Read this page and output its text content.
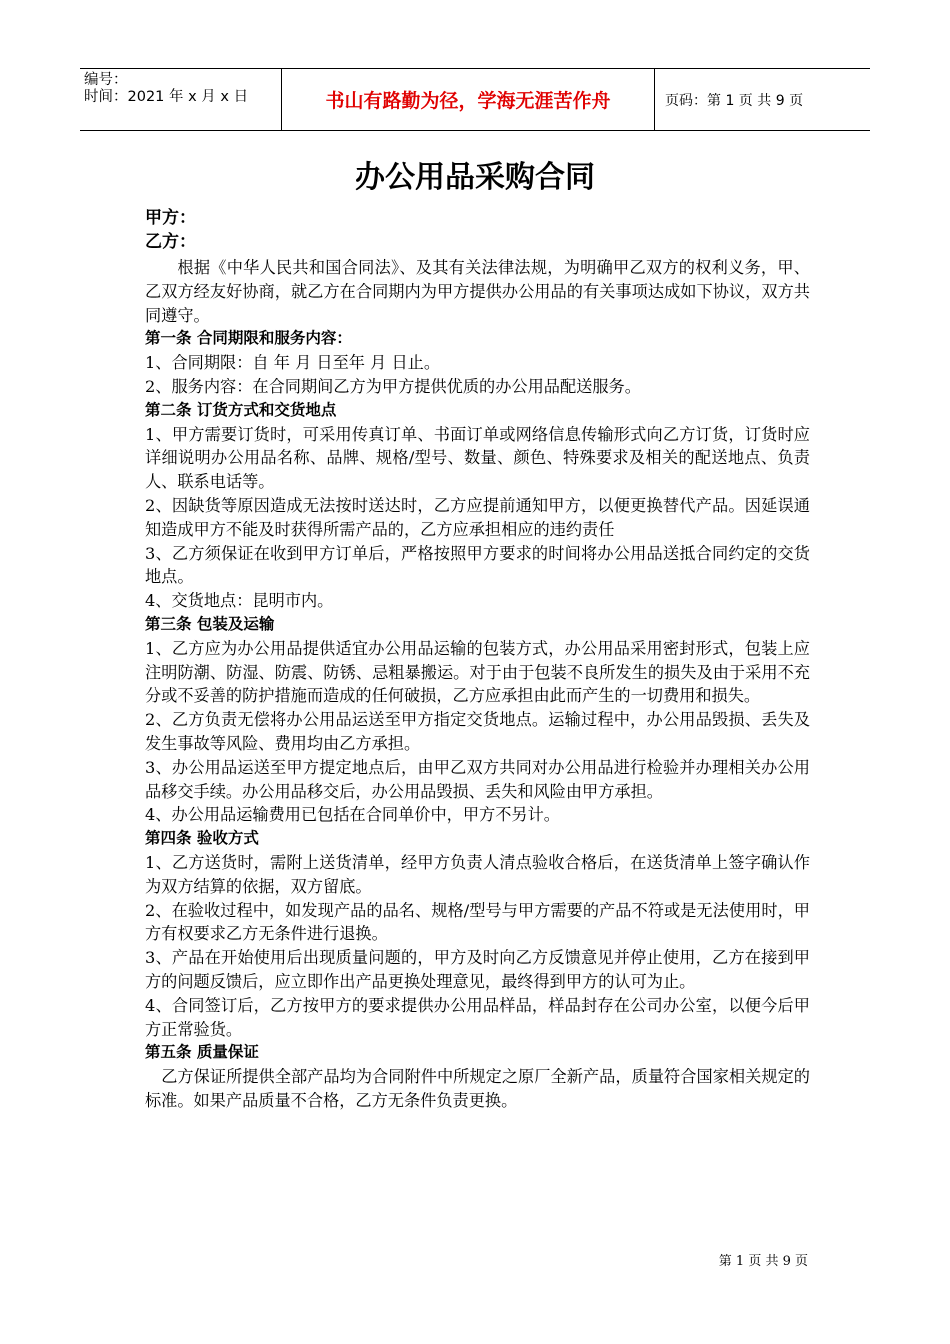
编号：
时间：2021 年 x 月 x 日	书山有路勤为径，学海无涯苦作舟	页码：第 1 页 共 9 页
办公用品采购合同
甲方：
乙方：

根据《中华人民共和国合同法》、及其有关法律法规，为明确甲乙双方的权利义务，甲、乙双方经友好协商，就乙方在合同期内为甲方提供办公用品的有关事项达成如下协议，双方共同遵守。

第一条 合同期限和服务内容：

1、合同期限：自 年 月 日至年 月 日止。

2、服务内容：在合同期间乙方为甲方提供优质的办公用品配送服务。

第二条 订货方式和交货地点

1、甲方需要订货时，可采用传真订单、书面订单或网络信息传输形式向乙方订货，订货时应详细说明办公用品名称、品牌、规格/型号、数量、颜色、特殊要求及相关的配送地点、负责人、联系电话等。

2、因缺货等原因造成无法按时送达时，乙方应提前通知甲方，以便更换替代产品。因延误通知造成甲方不能及时获得所需产品的，乙方应承担相应的违约责任

3、乙方须保证在收到甲方订单后，严格按照甲方要求的时间将办公用品送抵合同约定的交货地点。

4、交货地点：昆明市内。

第三条 包装及运输

1、乙方应为办公用品提供适宜办公用品运输的包装方式，办公用品采用密封形式，包装上应注明防潮、防湿、防震、防锈、忌粗暴搬运。对于由于包装不良所发生的损失及由于采用不充分或不妥善的防护措施而造成的任何破损，乙方应承担由此而产生的一切费用和损失。

2、乙方负责无偿将办公用品运送至甲方指定交货地点。运输过程中，办公用品毁损、丢失及发生事故等风险、费用均由乙方承担。

3、办公用品运送至甲方提定地点后，由甲乙双方共同对办公用品进行检验并办理相关办公用品移交手续。办公用品移交后，办公用品毁损、丢失和风险由甲方承担。

4、办公用品运输费用已包括在合同单价中，甲方不另计。

第四条 验收方式

1、乙方送货时，需附上送货清单，经甲方负责人清点验收合格后，在送货清单上签字确认作为双方结算的依据，双方留底。

2、在验收过程中，如发现产品的品名、规格/型号与甲方需要的产品不符或是无法使用时，甲方有权要求乙方无条件进行退换。

3、产品在开始使用后出现质量问题的，甲方及时向乙方反馈意见并停止使用，乙方在接到甲方的问题反馈后，应立即作出产品更换处理意见，最终得到甲方的认可为止。

4、合同签订后，乙方按甲方的要求提供办公用品样品，样品封存在公司办公室，以便今后甲方正常验货。

第五条 质量保证

乙方保证所提供全部产品均为合同附件中所规定之原厂全新产品，质量符合国家相关规定的标准。如果产品质量不合格，乙方无条件负责更换。

第 1 页 共 9 页
